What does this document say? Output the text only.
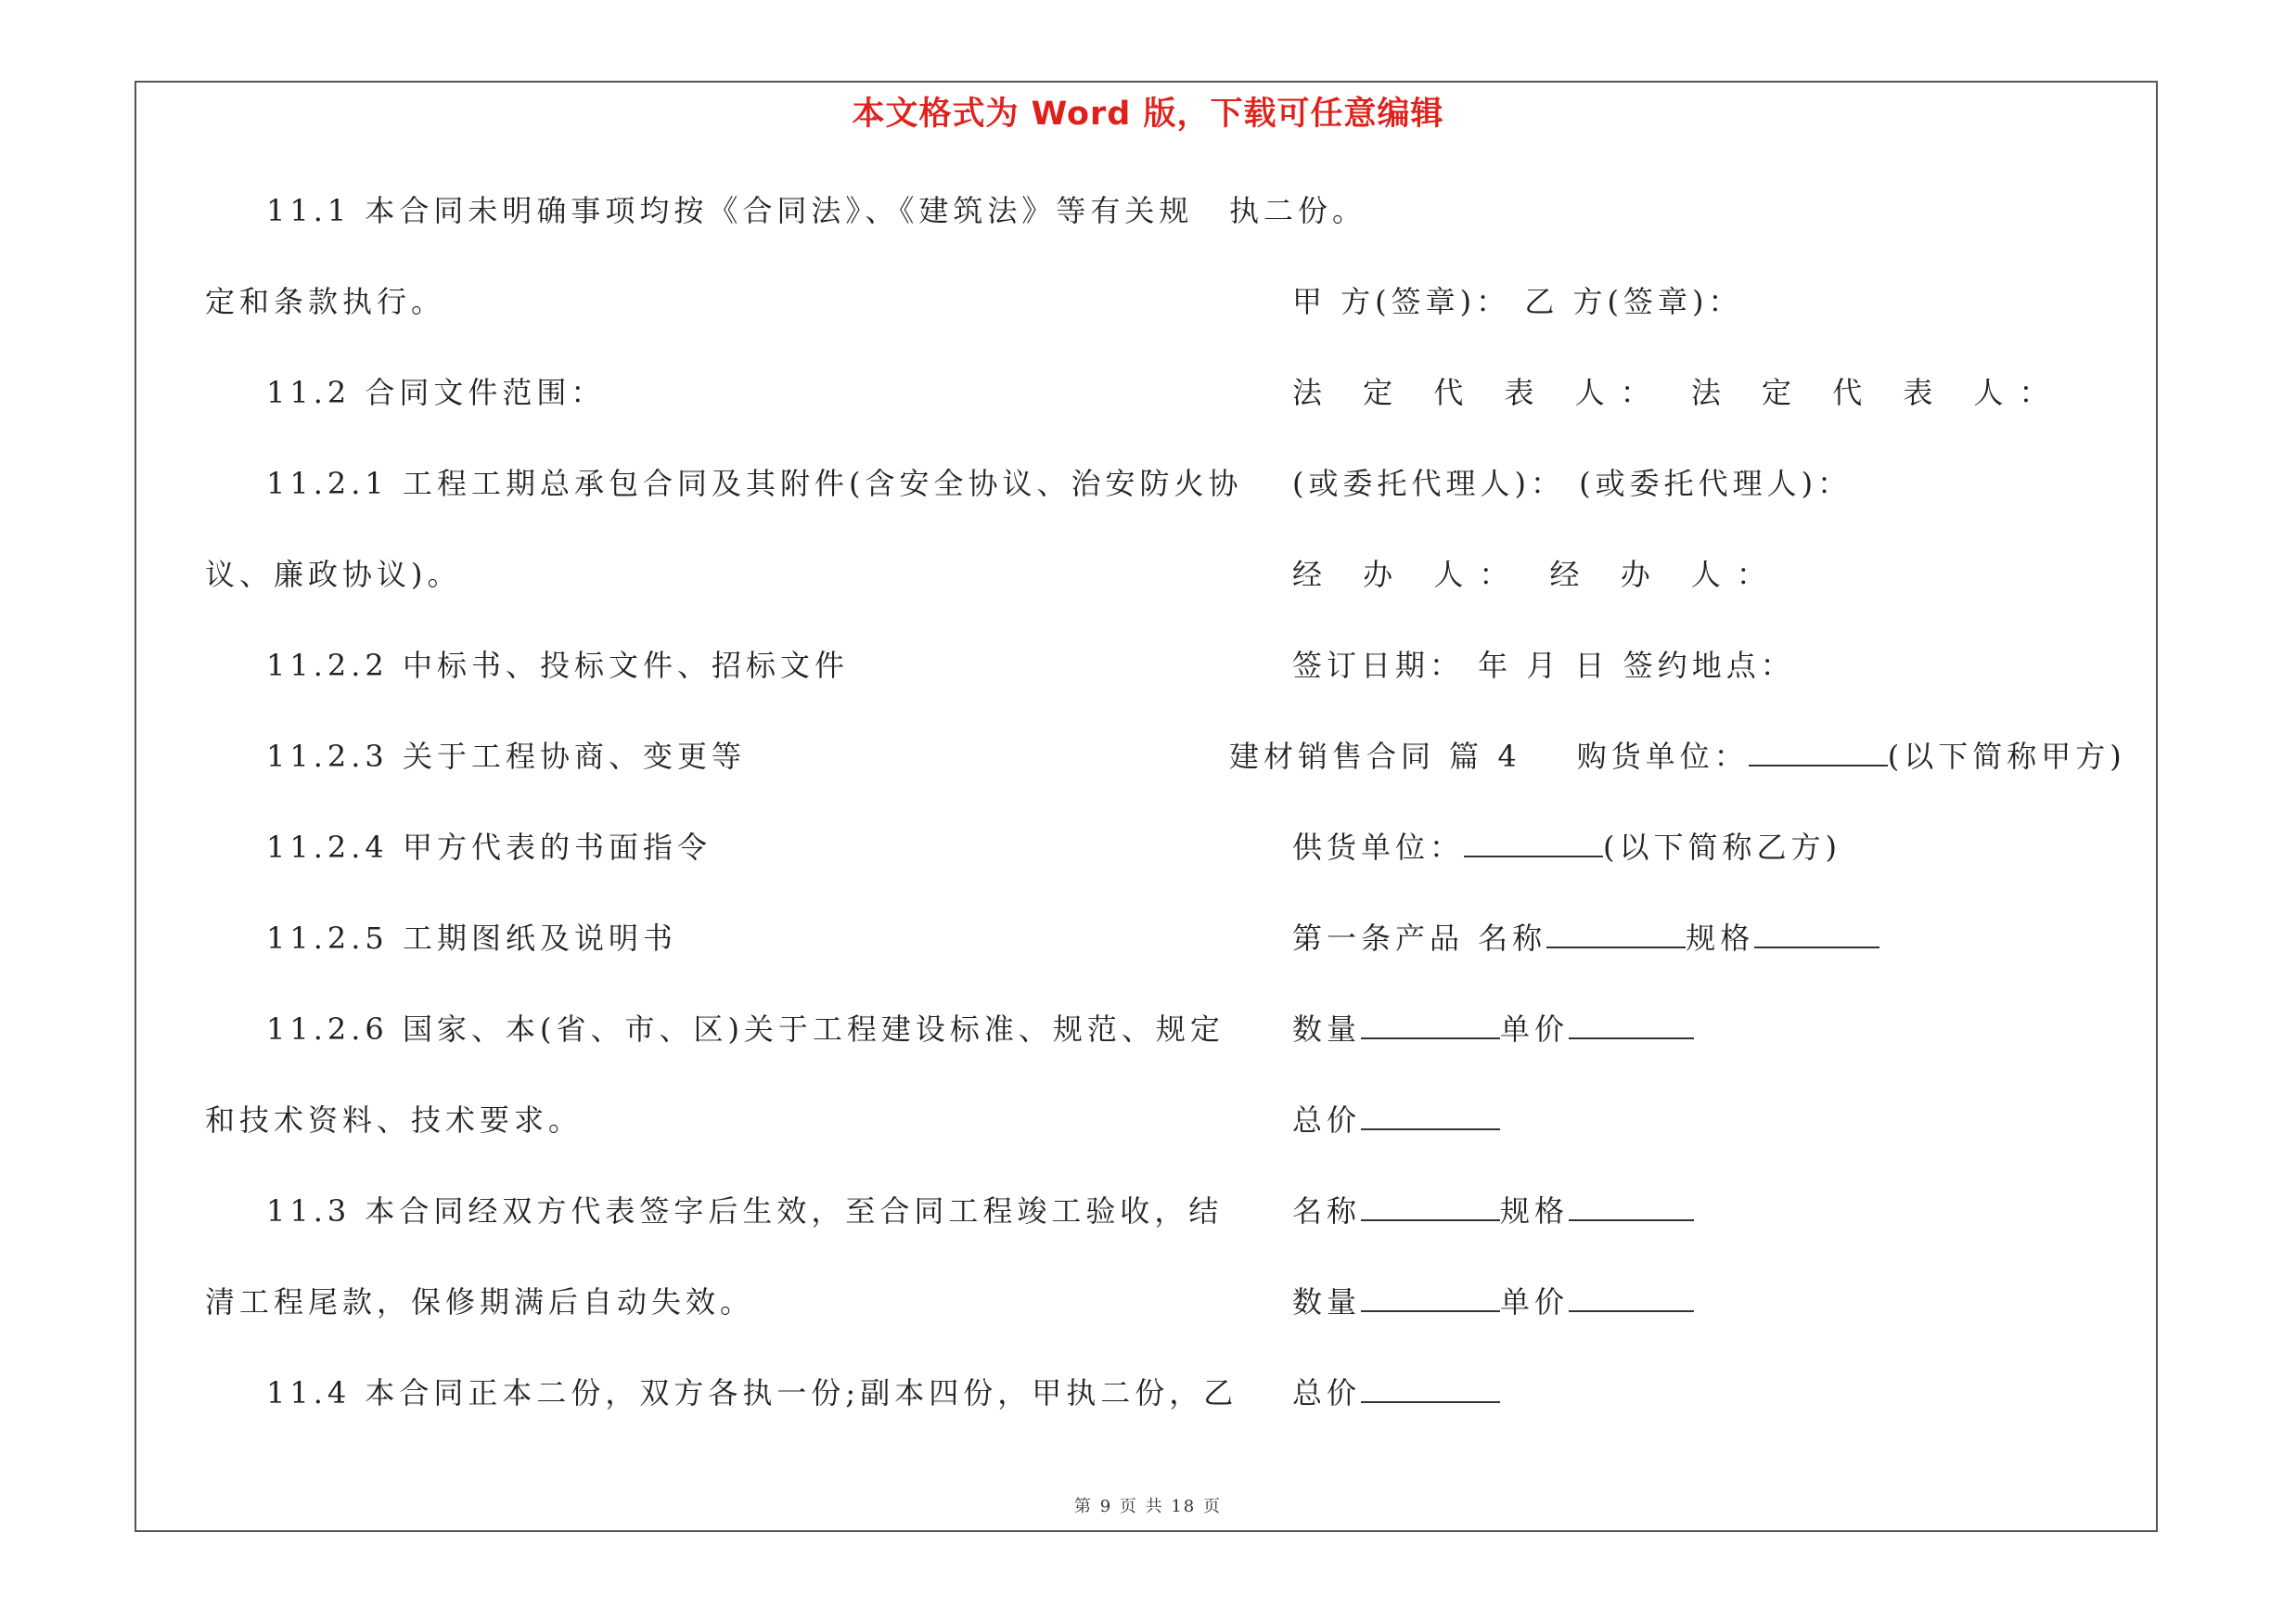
本文格式为 Word 版，下载可任意编辑
11.1 本合同未明确事项均按《合同法》、《建筑法》等有关规
定和条款执行。
11.2 合同文件范围：
11.2.1 工程工期总承包合同及其附件(含安全协议、治安防火协
议、廉政协议)。
11.2.2 中标书、投标文件、招标文件
11.2.3 关于工程协商、变更等
11.2.4 甲方代表的书面指令
11.2.5 工期图纸及说明书
11.2.6 国家、本(省、市、区)关于工程建设标准、规范、规定
和技术资料、技术要求。
11.3 本合同经双方代表签字后生效，至合同工程竣工验收，结
清工程尾款，保修期满后自动失效。
11.4 本合同正本二份，双方各执一份;副本四份，甲执二份，乙
执二份。
甲 方(签章)： 乙 方(签章)：
法 定 代 表 人： 法 定 代 表 人：
(或委托代理人)： (或委托代理人)：
经 办 人： 经 办 人：
签订日期： 年 月 日 签约地点：
建材销售合同 篇 4 购货单位：	(以下简称甲方)
供货单位：	(以下简称乙方)
第一条产品 名称	规格
数量	单价
总价
名称	规格
数量	单价
总价
第 9 页 共 18 页
